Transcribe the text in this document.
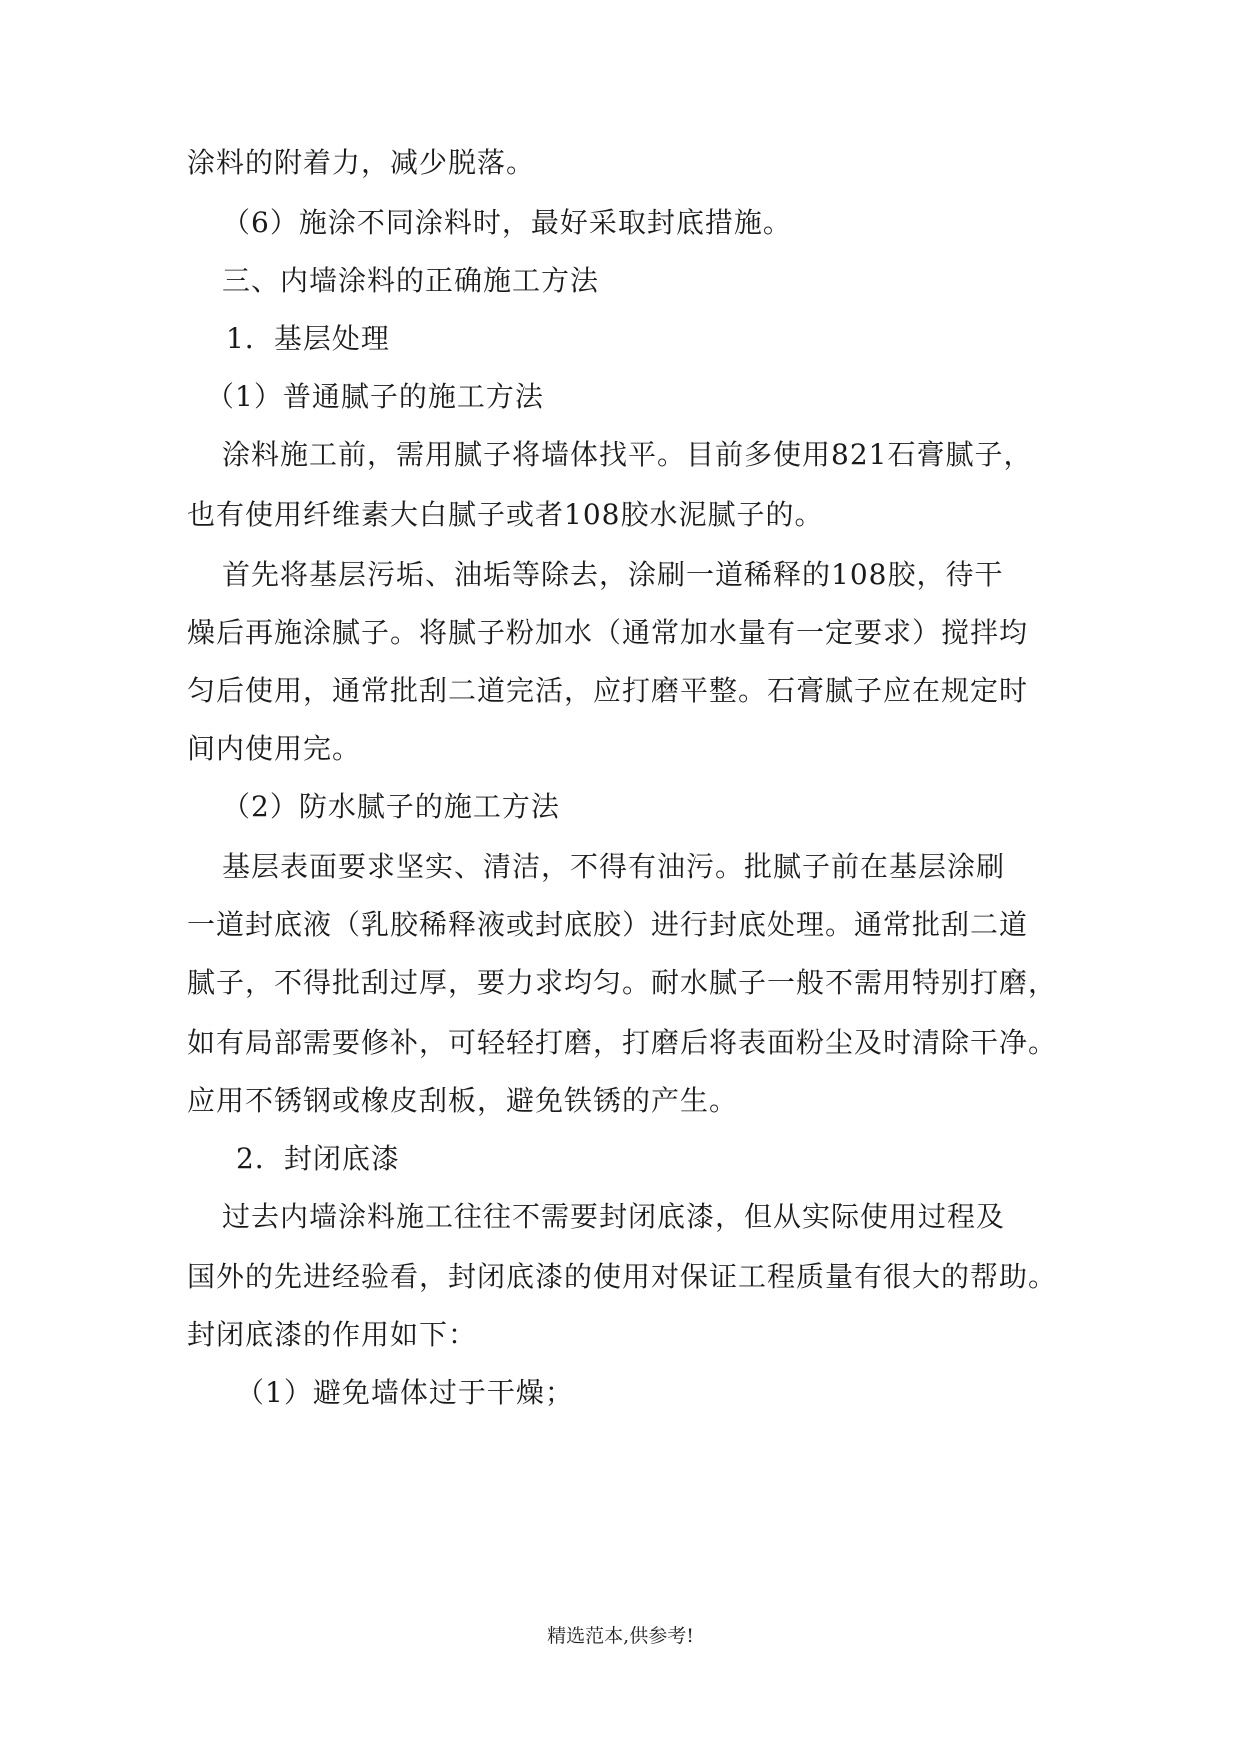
涂料的附着力，减少脱落。
（6）施涂不同涂料时，最好采取封底措施。
三、内墙涂料的正确施工方法
1．基层处理
（1）普通腻子的施工方法
涂料施工前，需用腻子将墙体找平。目前多使用821石膏腻子，
也有使用纤维素大白腻子或者108胶水泥腻子的。
首先将基层污垢、油垢等除去，涂刷一道稀释的108胶，待干
燥后再施涂腻子。将腻子粉加水（通常加水量有一定要求）搅拌均
匀后使用，通常批刮二道完活，应打磨平整。石膏腻子应在规定时
间内使用完。
（2）防水腻子的施工方法
基层表面要求坚实、清洁，不得有油污。批腻子前在基层涂刷
一道封底液（乳胶稀释液或封底胶）进行封底处理。通常批刮二道
腻子，不得批刮过厚，要力求均匀。耐水腻子一般不需用特别打磨，
如有局部需要修补，可轻轻打磨，打磨后将表面粉尘及时清除干净。
应用不锈钢或橡皮刮板，避免铁锈的产生。
2．封闭底漆
过去内墙涂料施工往往不需要封闭底漆，但从实际使用过程及
国外的先进经验看，封闭底漆的使用对保证工程质量有很大的帮助。
封闭底漆的作用如下：
（1）避免墙体过于干燥；
精选范本,供参考!
